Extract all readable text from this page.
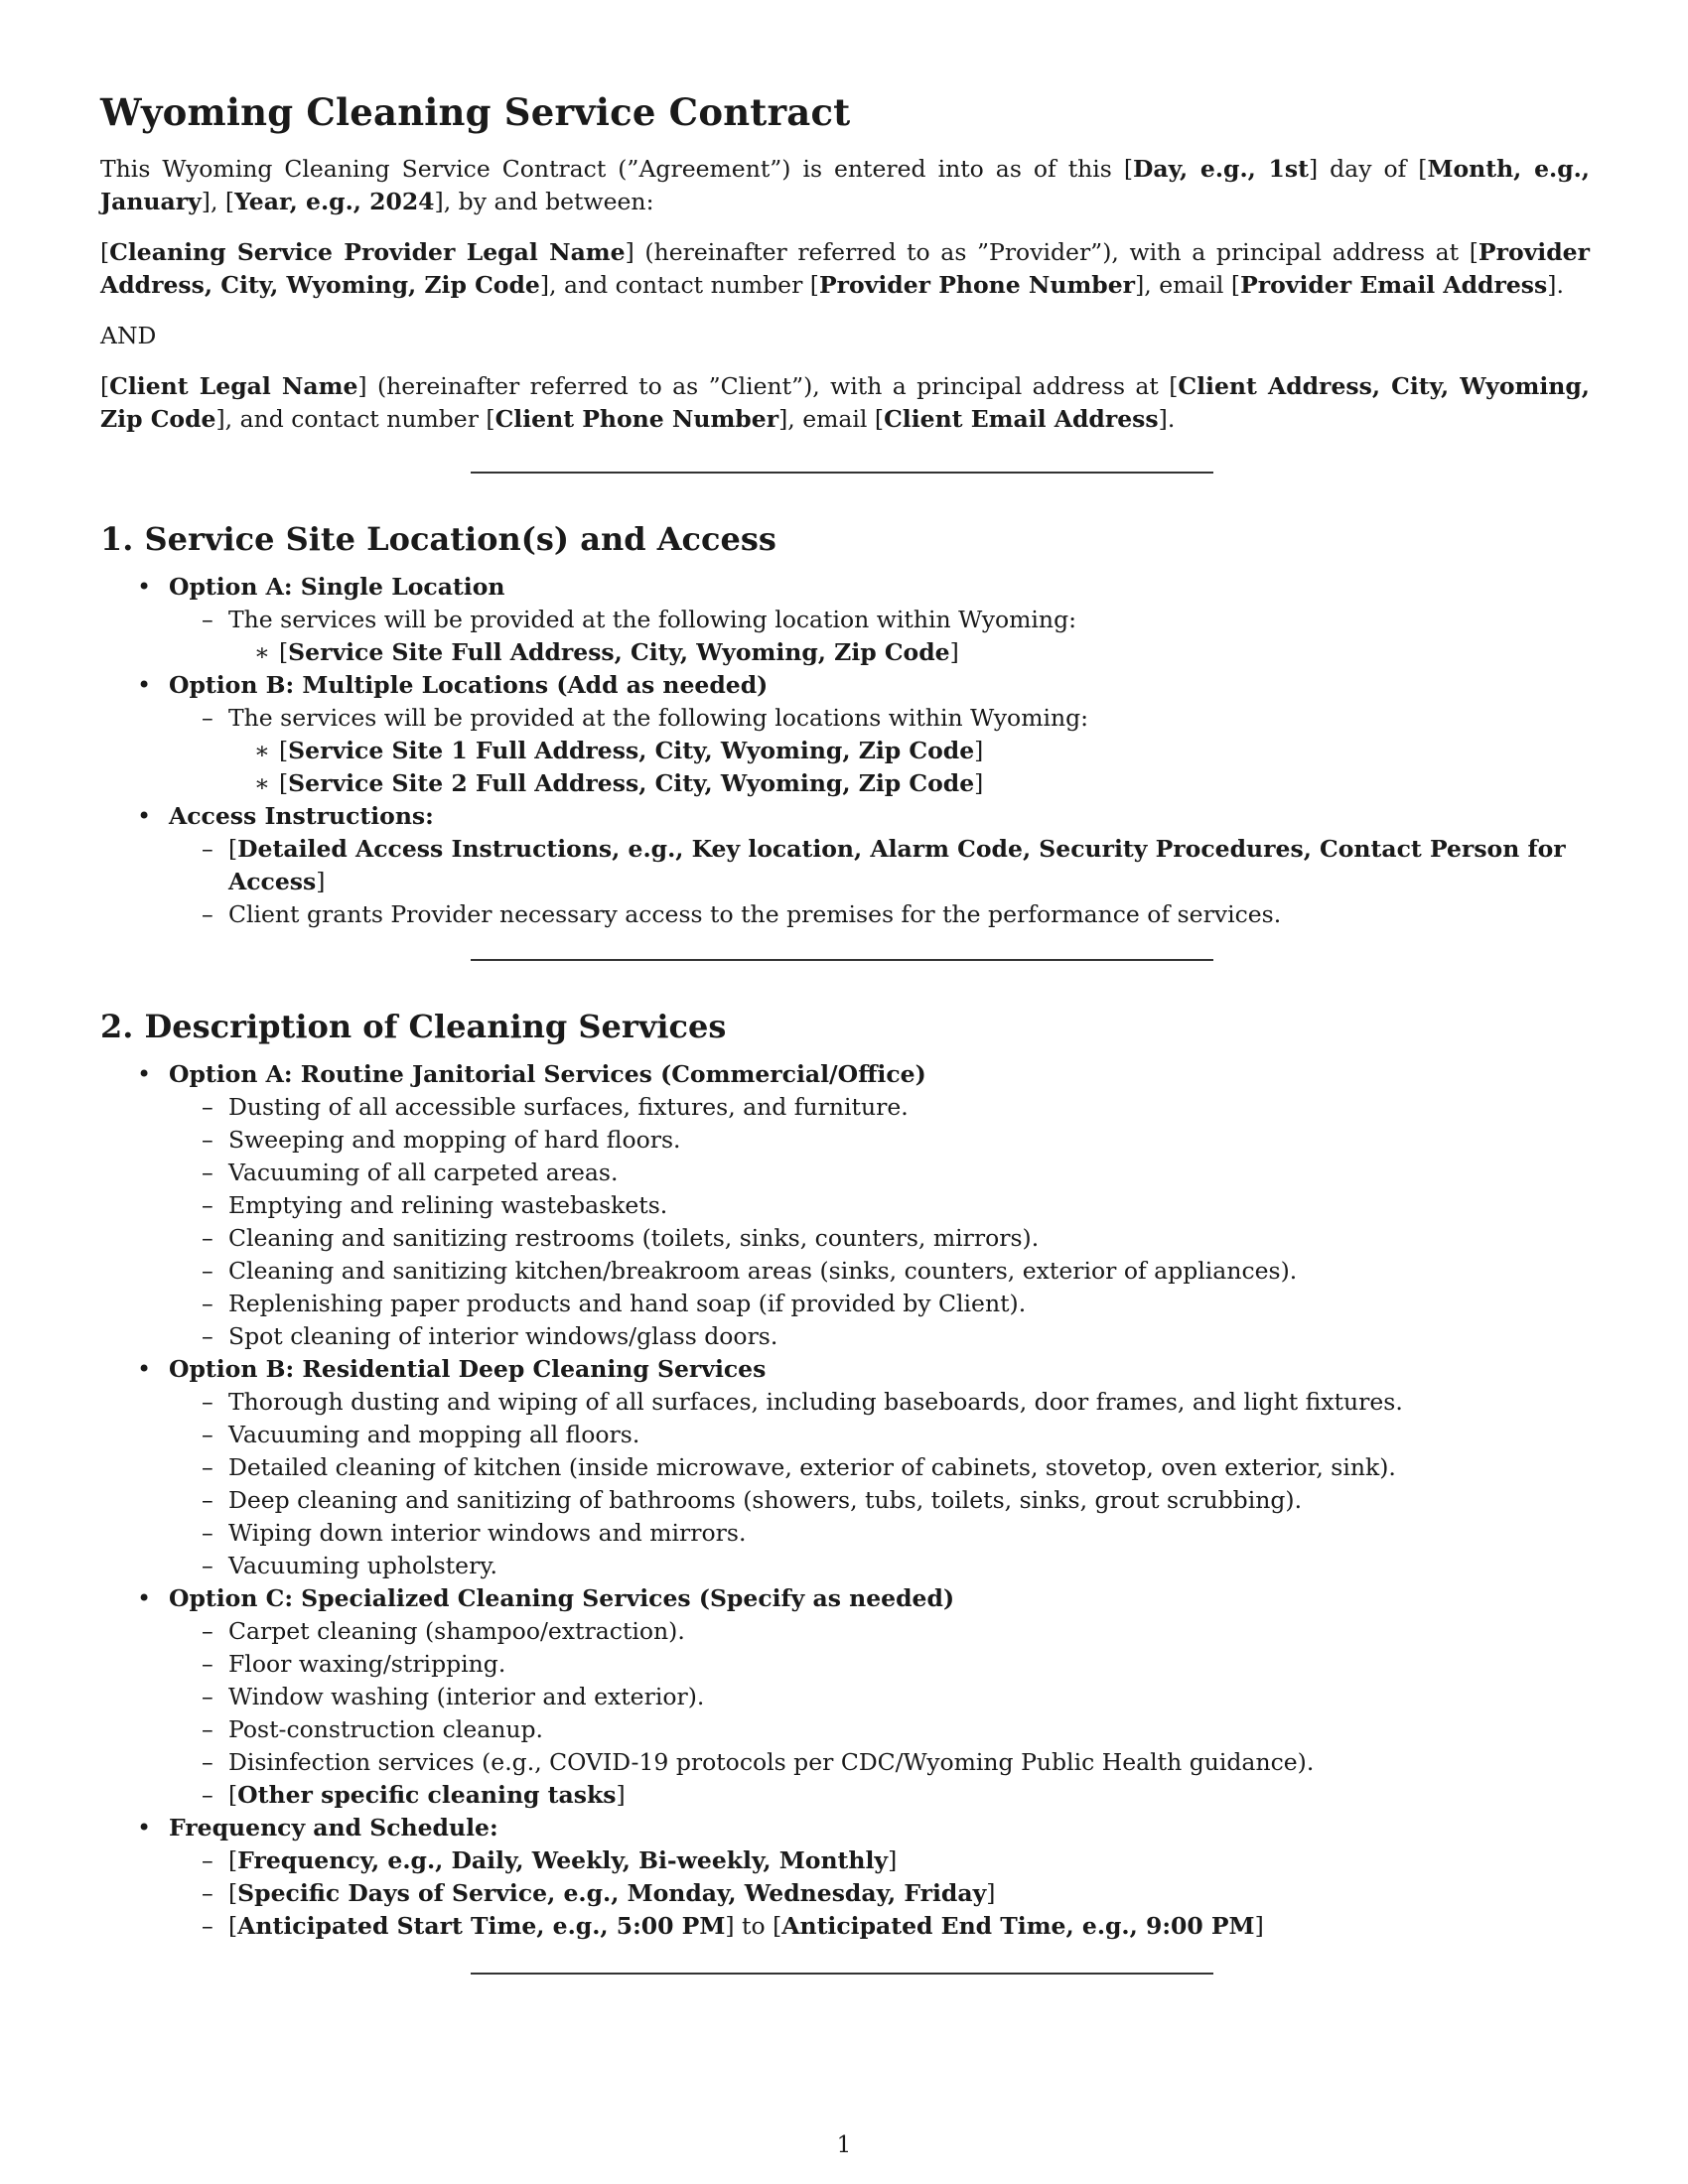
Wyoming Cleaning Service Contract

This Wyoming Cleaning Service Contract (”Agreement”) is entered into as of this [Day, e.g., 1st] day of [Month, e.g., January], [Year, e.g., 2024], by and between:

[Cleaning Service Provider Legal Name] (hereinafter referred to as ”Provider”), with a principal address at [Provider Address, City, Wyoming, Zip Code], and contact number [Provider Phone Number], email [Provider Email Address].

AND

[Client Legal Name] (hereinafter referred to as ”Client”), with a principal address at [Client Address, City, Wyoming, Zip Code], and contact number [Client Phone Number], email [Client Email Address].

1. Service Site Location(s) and Access
• Option A: Single Location
– The services will be provided at the following location within Wyoming:
∗ [Service Site Full Address, City, Wyoming, Zip Code]
• Option B: Multiple Locations (Add as needed)
– The services will be provided at the following locations within Wyoming:
∗ [Service Site 1 Full Address, City, Wyoming, Zip Code]
∗ [Service Site 2 Full Address, City, Wyoming, Zip Code]
• Access Instructions:
– [Detailed Access Instructions, e.g., Key location, Alarm Code, Security Procedures, Contact Person for Access]
– Client grants Provider necessary access to the premises for the performance of services.
2. Description of Cleaning Services
• Option A: Routine Janitorial Services (Commercial/Office)
– Dusting of all accessible surfaces, fixtures, and furniture.
– Sweeping and mopping of hard floors.
– Vacuuming of all carpeted areas.
– Emptying and relining wastebaskets.
– Cleaning and sanitizing restrooms (toilets, sinks, counters, mirrors).
– Cleaning and sanitizing kitchen/breakroom areas (sinks, counters, exterior of appliances).
– Replenishing paper products and hand soap (if provided by Client).
– Spot cleaning of interior windows/glass doors.
• Option B: Residential Deep Cleaning Services
– Thorough dusting and wiping of all surfaces, including baseboards, door frames, and light fixtures.
– Vacuuming and mopping all floors.
– Detailed cleaning of kitchen (inside microwave, exterior of cabinets, stovetop, oven exterior, sink).
– Deep cleaning and sanitizing of bathrooms (showers, tubs, toilets, sinks, grout scrubbing).
– Wiping down interior windows and mirrors.
– Vacuuming upholstery.
• Option C: Specialized Cleaning Services (Specify as needed)
– Carpet cleaning (shampoo/extraction).
– Floor waxing/stripping.
– Window washing (interior and exterior).
– Post-construction cleanup.
– Disinfection services (e.g., COVID-19 protocols per CDC/Wyoming Public Health guidance).
– [Other specific cleaning tasks]
• Frequency and Schedule:
– [Frequency, e.g., Daily, Weekly, Bi-weekly, Monthly]
– [Specific Days of Service, e.g., Monday, Wednesday, Friday]
– [Anticipated Start Time, e.g., 5:00 PM] to [Anticipated End Time, e.g., 9:00 PM]
1
